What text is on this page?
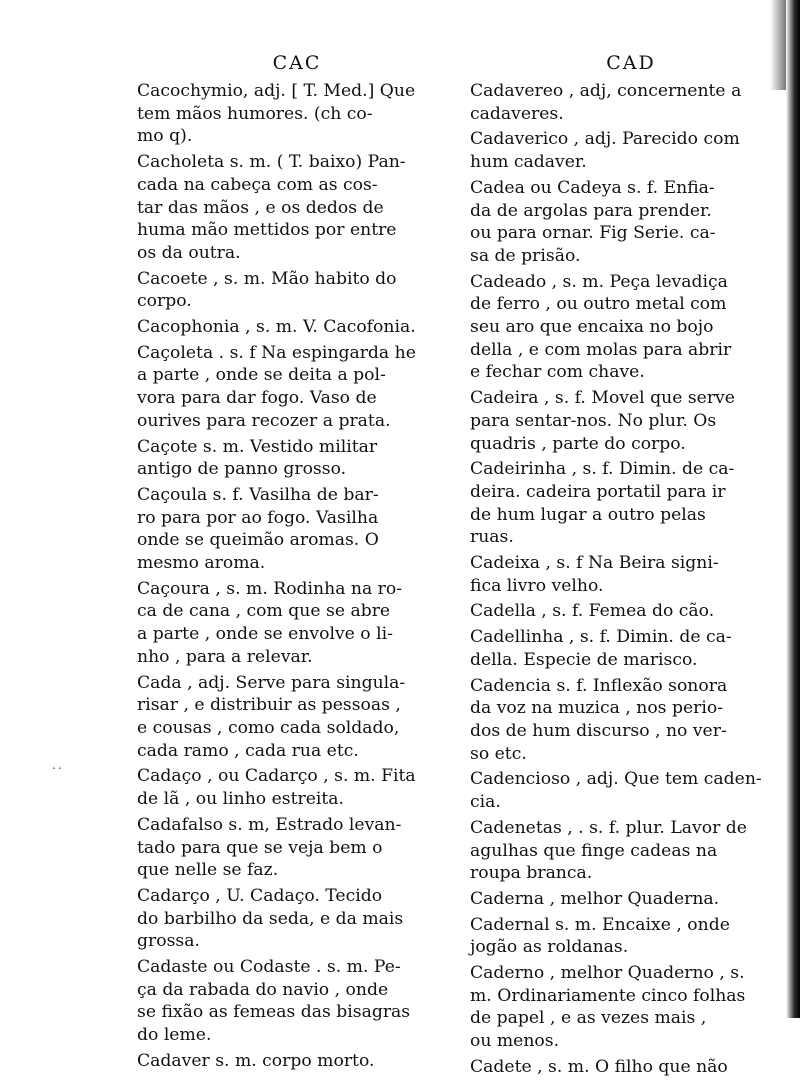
..
CAC
Cacochymio, adj. [ T. Med.] Que
tem mãos humores. (ch co-
mo q).
Cacholeta s. m. ( T. baixo) Pan-
cada na cabeça com as cos-
tar das mãos , e os dedos de
huma mão mettidos por entre
os da outra.
Cacoete , s. m. Mão habito do
corpo.
Cacophonia , s. m. V. Cacofonia.
Caçoleta . s. f Na espingarda he
a parte , onde se deita a pol-
vora para dar fogo. Vaso de
ourives para recozer a prata.
Caçote s. m. Vestido militar
antigo de panno grosso.
Caçoula s. f. Vasilha de bar-
ro para por ao fogo. Vasilha
onde se queimão aromas. O
mesmo aroma.
Caçoura , s. m. Rodinha na ro-
ca de cana , com que se abre
a parte , onde se envolve o li-
nho , para a relevar.
Cada , adj. Serve para singula-
risar , e distribuir as pessoas ,
e cousas , como cada soldado,
cada ramo , cada rua etc.
Cadaço , ou Cadarço , s. m. Fita
de lã , ou linho estreita.
Cadafalso s. m, Estrado levan-
tado para que se veja bem o
que nelle se faz.
Cadarço , U. Cadaço. Tecido
do barbilho da seda, e da mais
grossa.
Cadaste ou Codaste . s. m. Pe-
ça da rabada do navio , onde
se fixão as femeas das bisagras
do leme.
Cadaver s. m. corpo morto.
CAD
Cadavereo , adj, concernente a
cadaveres.
Cadaverico , adj. Parecido com
hum cadaver.
Cadea ou Cadeya s. f. Enfia-
da de argolas para prender.
ou para ornar. Fig Serie. ca-
sa de prisão.
Cadeado , s. m. Peça levadiça
de ferro , ou outro metal com
seu aro que encaixa no bojo
della , e com molas para abrir
e fechar com chave.
Cadeira , s. f. Movel que serve
para sentar-nos. No plur. Os
quadris , parte do corpo.
Cadeirinha , s. f. Dimin. de ca-
deira. cadeira portatil para ir
de hum lugar a outro pelas
ruas.
Cadeixa , s. f Na Beira signi-
fica livro velho.
Cadella , s. f. Femea do cão.
Cadellinha , s. f. Dimin. de ca-
della. Especie de marisco.
Cadencia s. f. Inflexão sonora
da voz na muzica , nos perio-
dos de hum discurso , no ver-
so etc.
Cadencioso , adj. Que tem caden-
cia.
Cadenetas , . s. f. plur. Lavor de
agulhas que finge cadeas na
roupa branca.
Caderna , melhor Quaderna.
Cadernal s. m. Encaixe , onde
jogão as roldanas.
Caderno , melhor Quaderno , s.
m. Ordinariamente cinco folhas
de papel , e as vezes mais ,
ou menos.
Cadete , s. m. O filho que não
